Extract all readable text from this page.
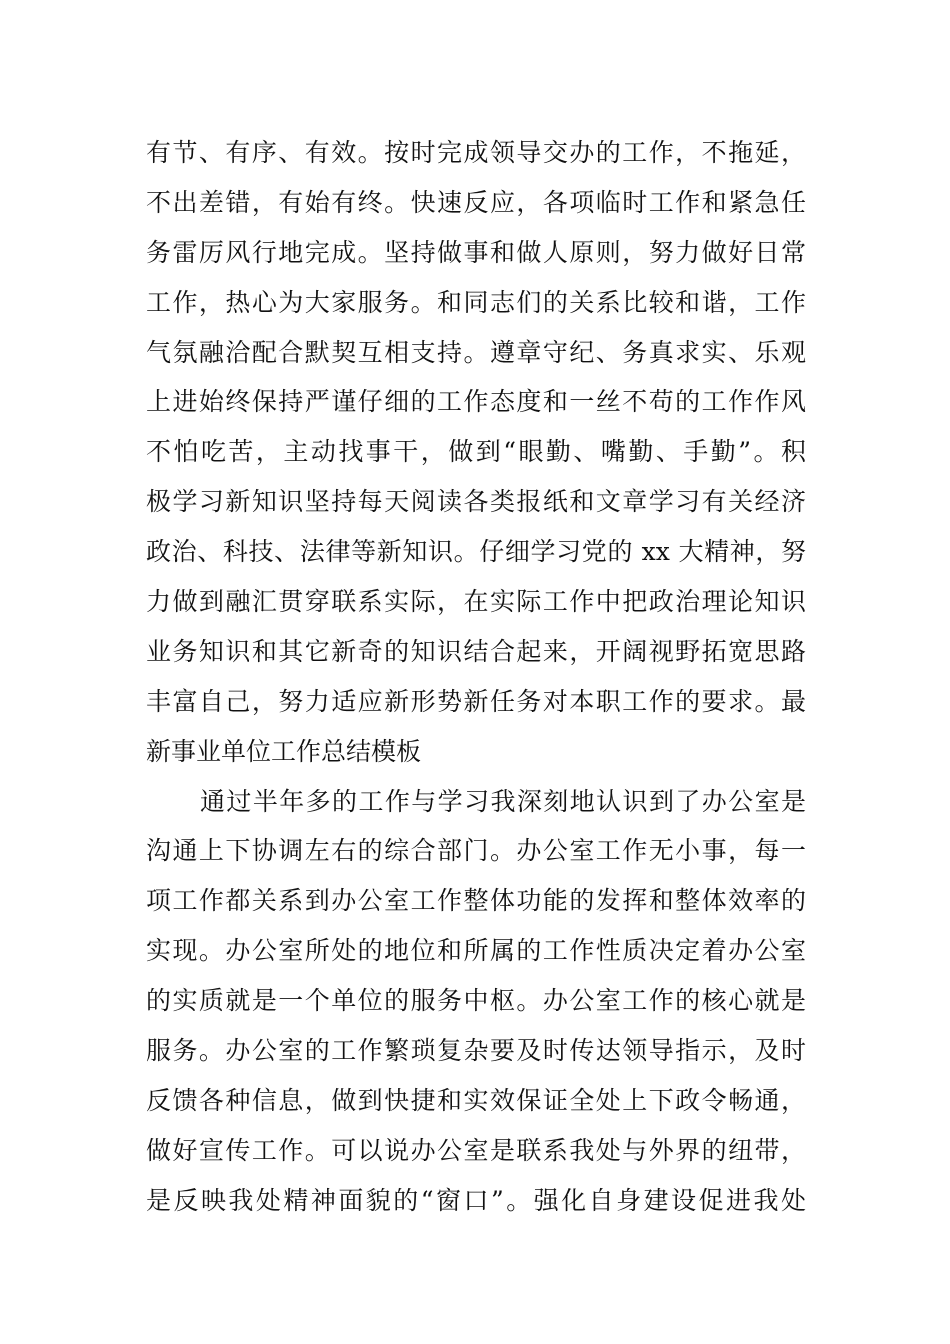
有节、有序、有效。按时完成领导交办的工作，不拖延，
不出差错，有始有终。快速反应，各项临时工作和紧急任
务雷厉风行地完成。坚持做事和做人原则，努力做好日常
工作，热心为大家服务。和同志们的关系比较和谐，工作
气氛融洽配合默契互相支持。遵章守纪、务真求实、乐观
上进始终保持严谨仔细的工作态度和一丝不苟的工作作风
不怕吃苦，主动找事干，做到“眼勤、嘴勤、手勤”。积
极学习新知识坚持每天阅读各类报纸和文章学习有关经济
政治、科技、法律等新知识。仔细学习党的 xx 大精神，努
力做到融汇贯穿联系实际，在实际工作中把政治理论知识
业务知识和其它新奇的知识结合起来，开阔视野拓宽思路
丰富自己，努力适应新形势新任务对本职工作的要求。最
新事业单位工作总结模板
通过半年多的工作与学习我深刻地认识到了办公室是
沟通上下协调左右的综合部门。办公室工作无小事，每一
项工作都关系到办公室工作整体功能的发挥和整体效率的
实现。办公室所处的地位和所属的工作性质决定着办公室
的实质就是一个单位的服务中枢。办公室工作的核心就是
服务。办公室的工作繁琐复杂要及时传达领导指示，及时
反馈各种信息，做到快捷和实效保证全处上下政令畅通，
做好宣传工作。可以说办公室是联系我处与外界的纽带，
是反映我处精神面貌的“窗口”。强化自身建设促进我处
